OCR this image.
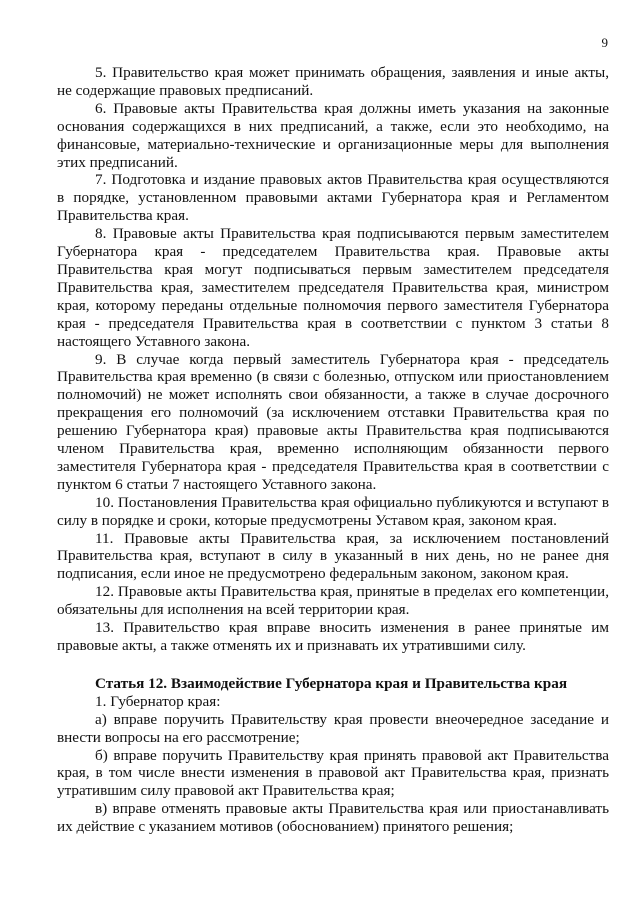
9

5. Правительство края может принимать обращения, заявления и иные акты, не содержащие правовых предписаний.

6. Правовые акты Правительства края должны иметь указания на законные основания содержащихся в них предписаний, а также, если это необходимо, на финансовые, материально-технические и организационные меры для выполнения этих предписаний.

7. Подготовка и издание правовых актов Правительства края осуществляются в порядке, установленном правовыми актами Губернатора края и Регламентом Правительства края.

8. Правовые акты Правительства края подписываются первым заместителем Губернатора края - председателем Правительства края. Правовые акты Правительства края могут подписываться первым заместителем председателя Правительства края, заместителем председателя Правительства края, министром края, которому переданы отдельные полномочия первого заместителя Губернатора края - председателя Правительства края в соответствии с пунктом 3 статьи 8 настоящего Уставного закона.

9. В случае когда первый заместитель Губернатора края - председатель Правительства края временно (в связи с болезнью, отпуском или приостановлением полномочий) не может исполнять свои обязанности, а также в случае досрочного прекращения его полномочий (за исключением отставки Правительства края по решению Губернатора края) правовые акты Правительства края подписываются членом Правительства края, временно исполняющим обязанности первого заместителя Губернатора края - председателя Правительства края в соответствии с пунктом 6 статьи 7 настоящего Уставного закона.

10. Постановления Правительства края официально публикуются и вступают в силу в порядке и сроки, которые предусмотрены Уставом края, законом края.

11. Правовые акты Правительства края, за исключением постановлений Правительства края, вступают в силу в указанный в них день, но не ранее дня подписания, если иное не предусмотрено федеральным законом, законом края.

12. Правовые акты Правительства края, принятые в пределах его компетенции, обязательны для исполнения на всей территории края.

13. Правительство края вправе вносить изменения в ранее принятые им правовые акты, а также отменять их и признавать их утратившими силу.

Статья 12. Взаимодействие Губернатора края и Правительства края

1. Губернатор края:

а) вправе поручить Правительству края провести внеочередное заседание и внести вопросы на его рассмотрение;

б) вправе поручить Правительству края принять правовой акт Правительства края, в том числе внести изменения в правовой акт Правительства края, признать утратившим силу правовой акт Правительства края;

в) вправе отменять правовые акты Правительства края или приостанавливать их действие с указанием мотивов (обоснованием) принятого решения;
